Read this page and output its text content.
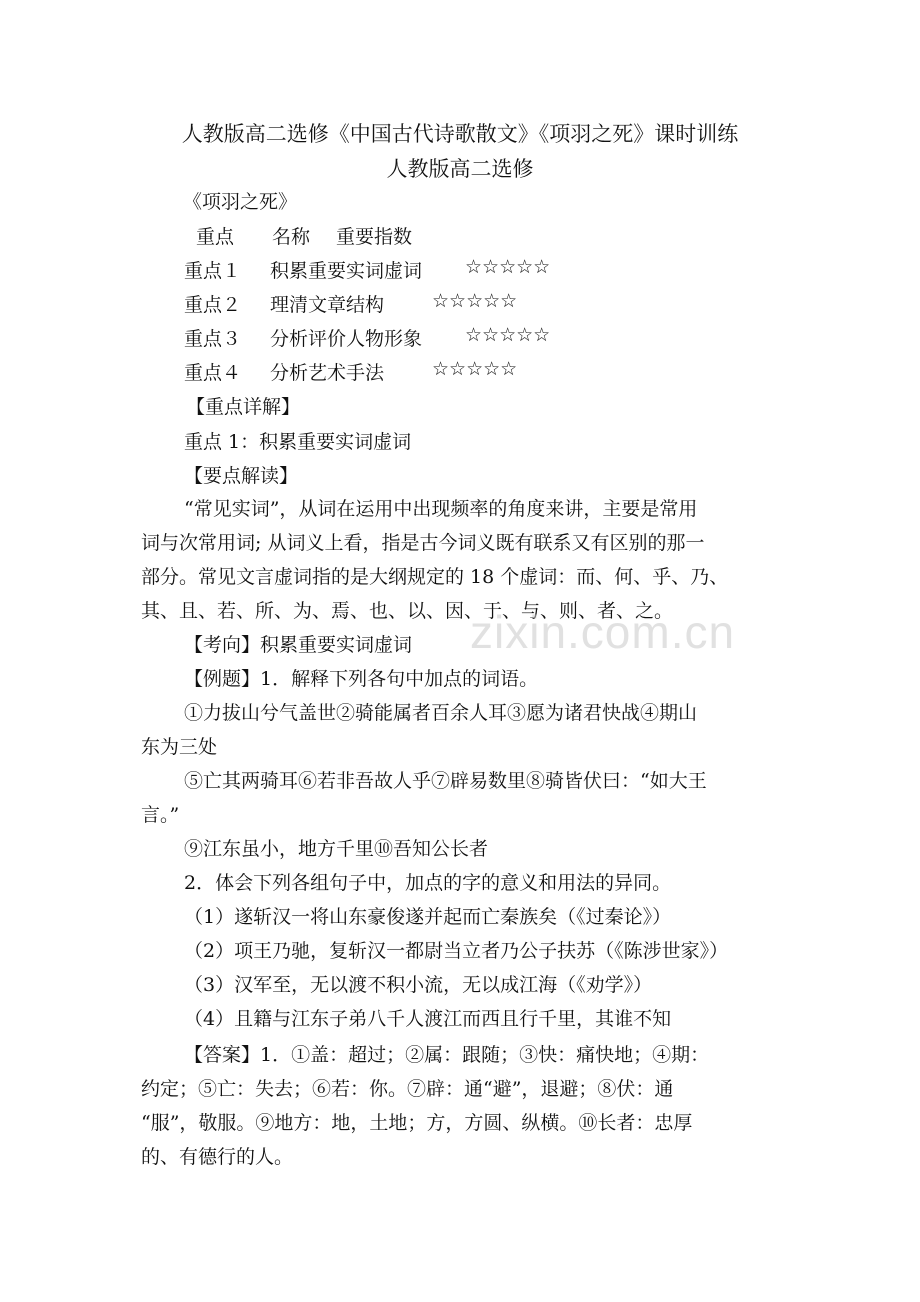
人教版高二选修《中国古代诗歌散文》《项羽之死》课时训练
人教版高二选修
《项羽之死》
重点 名称 重要指数
重点１ 积累重要实词虚词 ☆☆☆☆☆
重点２ 理清文章结构	☆☆☆☆☆
重点３ 分析评价人物形象 ☆☆☆☆☆
重点４ 分析艺术手法	☆☆☆☆☆
【重点详解】
重点 1：积累重要实词虚词
【要点解读】
“常见实词”，从词在运用中出现频率的角度来讲，主要是常用
词与次常用词; 从词义上看，指是古今词义既有联系又有区别的那一
部分。常见文言虚词指的是大纲规定的 18 个虚词：而、何、乎、乃、
其、且、若、所、为、焉、也、以、因、于、与、则、者、之。
【考向】积累重要实词虚词
【例题】1．解释下列各句中加点的词语。
①力拔山兮气盖世②骑能属者百余人耳③愿为诸君快战④期山
东为三处
⑤亡其两骑耳⑥若非吾故人乎⑦辟易数里⑧骑皆伏曰：“如大王
言。”
⑨江东虽小，地方千里⑩吾知公长者
2．体会下列各组句子中，加点的字的意义和用法的异同。
（1）遂斩汉一将山东豪俊遂并起而亡秦族矣（《过秦论》）
（2）项王乃驰，复斩汉一都尉当立者乃公子扶苏（《陈涉世家》）
（3）汉军至，无以渡不积小流，无以成江海（《劝学》）
（4）且籍与江东子弟八千人渡江而西且行千里，其谁不知
【答案】1．①盖：超过；②属：跟随；③快：痛快地；④期：
约定；⑤亡：失去；⑥若：你。⑦辟：通“避”，退避；⑧伏：通
“服”，敬服。⑨地方：地，土地；方，方圆、纵横。⑩长者：忠厚
的、有德行的人。
zixin.com.cn
